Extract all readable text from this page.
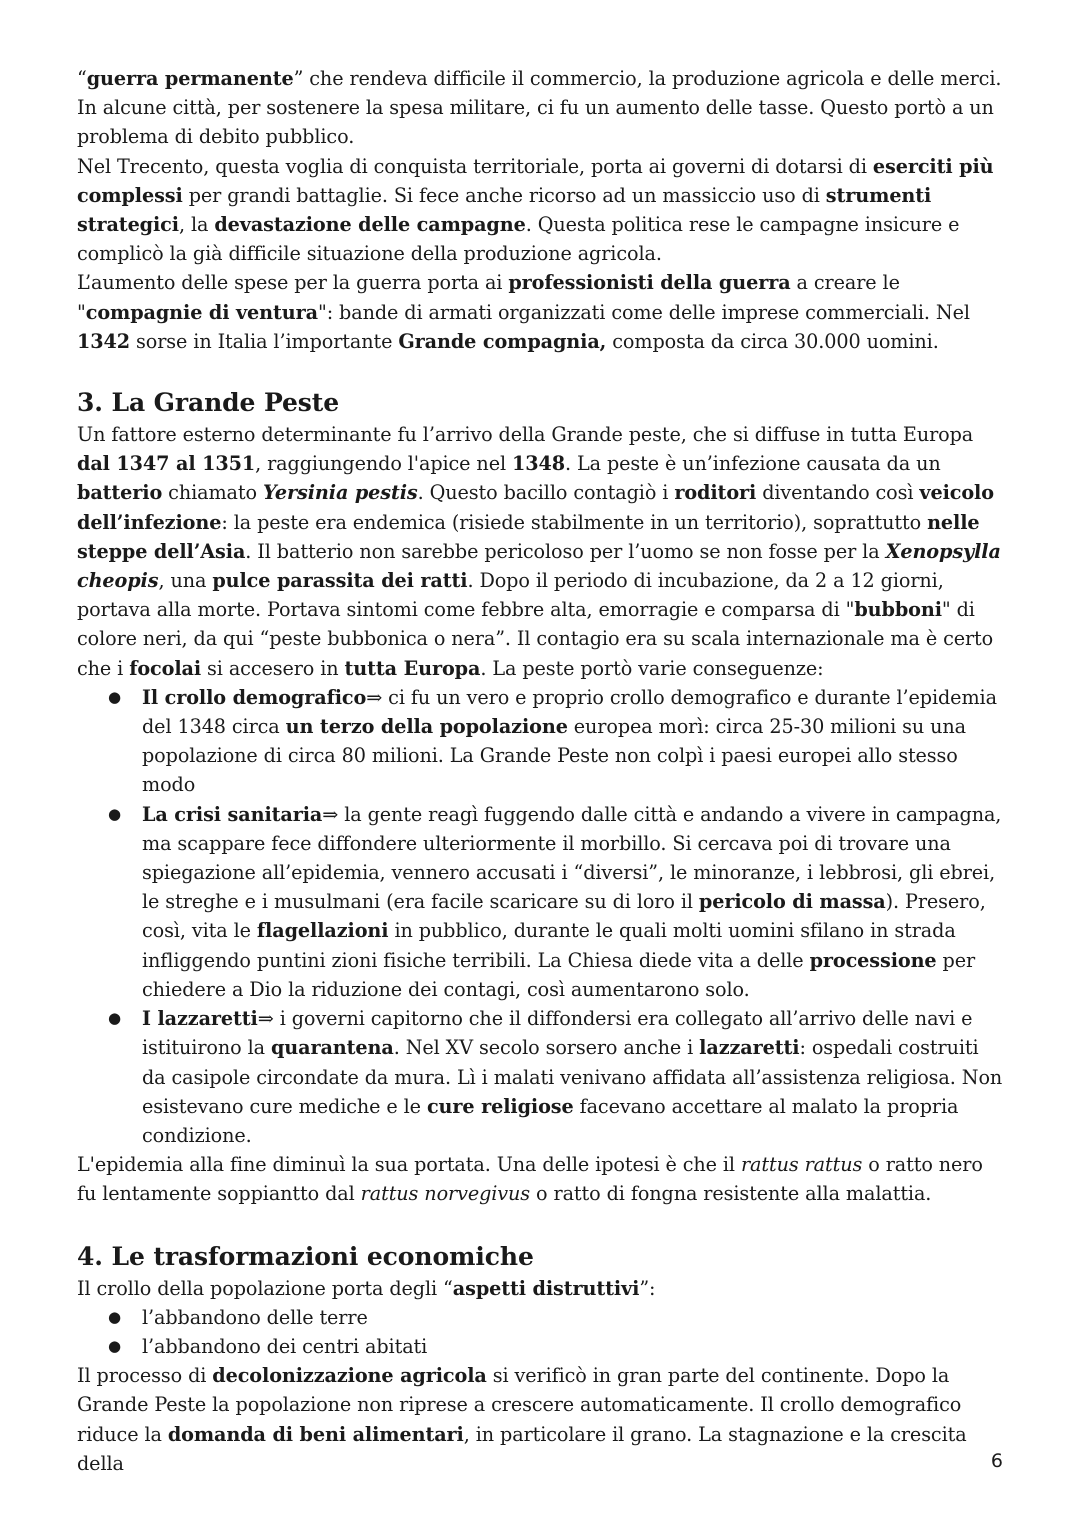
“guerra permanente” che rendeva difficile il commercio, la produzione agricola e delle merci. In alcune città, per sostenere la spesa militare, ci fu un aumento delle tasse. Questo portò a un problema di debito pubblico.

Nel Trecento, questa voglia di conquista territoriale, porta ai governi di dotarsi di eserciti più complessi per grandi battaglie. Si fece anche ricorso ad un massiccio uso di strumenti strategici, la devastazione delle campagne. Questa politica rese le campagne insicure e complicò la già difficile situazione della produzione agricola.

L’aumento delle spese per la guerra porta ai professionisti della guerra a creare le "compagnie di ventura": bande di armati organizzati come delle imprese commerciali. Nel 1342 sorse in Italia l’importante Grande compagnia, composta da circa 30.000 uomini.

3. La Grande Peste

Un fattore esterno determinante fu l’arrivo della Grande peste, che si diffuse in tutta Europa dal 1347 al 1351, raggiungendo l'apice nel 1348. La peste è un’infezione causata da un batterio chiamato Yersinia pestis. Questo bacillo contagiò i roditori diventando così veicolo dell’infezione: la peste era endemica (risiede stabilmente in un territorio), soprattutto nelle steppe dell’Asia. Il batterio non sarebbe pericoloso per l’uomo se non fosse per la Xenopsylla cheopis, una pulce parassita dei ratti. Dopo il periodo di incubazione, da 2 a 12 giorni, portava alla morte. Portava sintomi come febbre alta, emorragie e comparsa di "bubboni" di colore neri, da qui “peste bubbonica o nera”. Il contagio era su scala internazionale ma è certo che i focolai si accesero in tutta Europa. La peste portò varie conseguenze:

● Il crollo demografico⇒ ci fu un vero e proprio crollo demografico e durante l’epidemia del 1348 circa un terzo della popolazione europea morì: circa 25-30 milioni su una popolazione di circa 80 milioni. La Grande Peste non colpì i paesi europei allo stesso modo
● La crisi sanitaria⇒ la gente reagì fuggendo dalle città e andando a vivere in campagna, ma scappare fece diffondere ulteriormente il morbillo. Si cercava poi di trovare una spiegazione all’epidemia, vennero accusati i “diversi”, le minoranze, i lebbrosi, gli ebrei, le streghe e i musulmani (era facile scaricare su di loro il pericolo di massa). Presero, così, vita le flagellazioni in pubblico, durante le quali molti uomini sfilano in strada infliggendo puntini zioni fisiche terribili. La Chiesa diede vita a delle processione per chiedere a Dio la riduzione dei contagi, così aumentarono solo.
● I lazzaretti⇒ i governi capitorno che il diffondersi era collegato all’arrivo delle navi e istituirono la quarantena. Nel XV secolo sorsero anche i lazzaretti: ospedali costruiti da casipole circondate da mura. Lì i malati venivano affidata all’assistenza religiosa. Non esistevano cure mediche e le cure religiose facevano accettare al malato la propria condizione.

L'epidemia alla fine diminuì la sua portata. Una delle ipotesi è che il rattus rattus o ratto nero fu lentamente soppiantto dal rattus norvegivus o ratto di fongna resistente alla malattia.

4. Le trasformazioni economiche

Il crollo della popolazione porta degli “aspetti distruttivi”:

● l’abbandono delle terre
● l’abbandono dei centri abitati

Il processo di decolonizzazione agricola si verificò in gran parte del continente. Dopo la Grande Peste la popolazione non riprese a crescere automaticamente. Il crollo demografico riduce la domanda di beni alimentari, in particolare il grano. La stagnazione e la crescita della	6
